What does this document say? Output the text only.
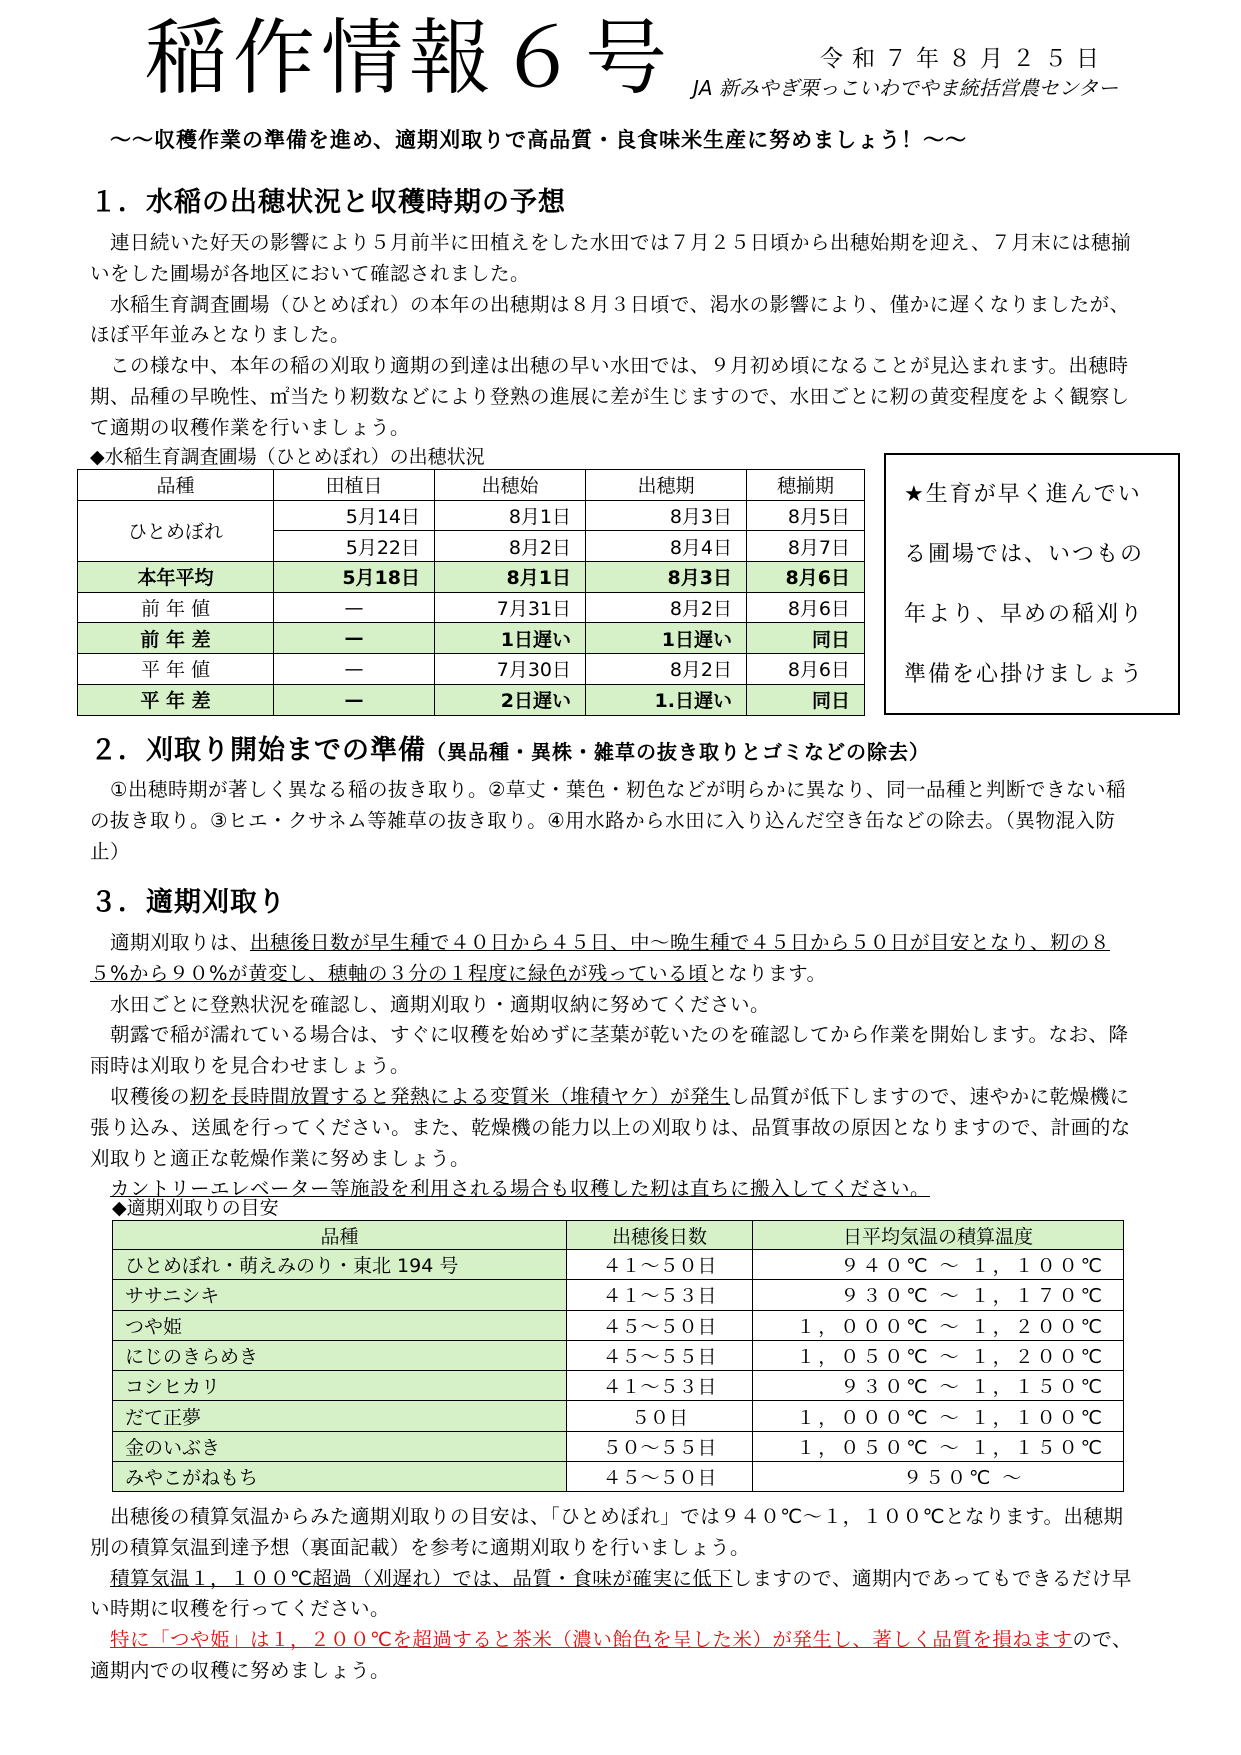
稲作情報６号	令和７年８月２５日
JA 新みやぎ栗っこいわでやま統括営農センター
～～収穫作業の準備を進め、適期刈取りで高品質・良食味米生産に努めましょう！～～
１．水稲の出穂状況と収穫時期の予想

連日続いた好天の影響により５月前半に田植えをした水田では７月２５日頃から出穂始期を迎え、７月末には穂揃いをした圃場が各地区において確認されました。

水稲生育調査圃場（ひとめぼれ）の本年の出穂期は８月３日頃で、渇水の影響により、僅かに遅くなりましたが、ほぼ平年並みとなりました。

この様な中、本年の稲の刈取り適期の到達は出穂の早い水田では、９月初め頃になることが見込まれます。出穂時期、品種の早晩性、㎡当たり籾数などにより登熟の進展に差が生じますので、水田ごとに籾の黄変程度をよく観察して適期の収穫作業を行いましょう。

◆水稲生育調査圃場（ひとめぼれ）の出穂状況
品種	田植日	出穂始	出穂期	穂揃期
ひとめぼれ	5月14日	8月1日	8月3日	8月5日
	5月22日	8月2日	8月4日	8月7日
本年平均	5月18日	8月1日	8月3日	8月6日
前 年 値	—	7月31日	8月2日	8月6日
前 年 差	—	1日遅い	1日遅い	同日
平 年 値	—	7月30日	8月2日	8月6日
平 年 差	—	2日遅い	1.日遅い	同日
★生育が早く進んでい
る圃場では、いつもの
年より、早めの稲刈り
準備を心掛けましょう
２．刈取り開始までの準備（異品種・異株・雑草の抜き取りとゴミなどの除去）

①出穂時期が著しく異なる稲の抜き取り。②草丈・葉色・籾色などが明らかに異なり、同一品種と判断できない稲の抜き取り。③ヒエ・クサネム等雑草の抜き取り。④用水路から水田に入り込んだ空き缶などの除去。（異物混入防止）

３．適期刈取り

適期刈取りは、出穂後日数が早生種で４０日から４５日、中～晩生種で４５日から５０日が目安となり、籾の８５%から９０%が黄変し、穂軸の３分の１程度に緑色が残っている頃となります。

水田ごとに登熟状況を確認し、適期刈取り・適期収納に努めてください。

朝露で稲が濡れている場合は、すぐに収穫を始めずに茎葉が乾いたのを確認してから作業を開始します。なお、降雨時は刈取りを見合わせましょう。

収穫後の籾を長時間放置すると発熱による変質米（堆積ヤケ）が発生し品質が低下しますので、速やかに乾燥機に張り込み、送風を行ってください。また、乾燥機の能力以上の刈取りは、品質事故の原因となりますので、計画的な刈取りと適正な乾燥作業に努めましょう。

カントリーエレベーター等施設を利用される場合も収穫した籾は直ちに搬入してください。

◆適期刈取りの目安
品種	出穂後日数	日平均気温の積算温度
ひとめぼれ・萌えみのり・東北 194 号	４１～５０日	９４０℃ ～ １，１００℃
ササニシキ	４１～５３日	９３０℃ ～ １，１７０℃
つや姫	４５～５０日	１，０００℃ ～ １，２００℃
にじのきらめき	４５～５５日	１，０５０℃ ～ １，２００℃
コシヒカリ	４１～５３日	９３０℃ ～ １，１５０℃
だて正夢	５０日	１，０００℃ ～ １，１００℃
金のいぶき	５０～５５日	１，０５０℃ ～ １，１５０℃
みやこがねもち	４５～５０日	９５０℃ ～

出穂後の積算気温からみた適期刈取りの目安は、「ひとめぼれ」では９４０℃～１，１００℃となります。出穂期別の積算気温到達予想（裏面記載）を参考に適期刈取りを行いましょう。

積算気温１，１００℃超過（刈遅れ）では、品質・食味が確実に低下しますので、適期内であってもできるだけ早い時期に収穫を行ってください。

特に「つや姫」は１，２００℃を超過すると茶米（濃い飴色を呈した米）が発生し、著しく品質を損ねますので、適期内での収穫に努めましょう。
